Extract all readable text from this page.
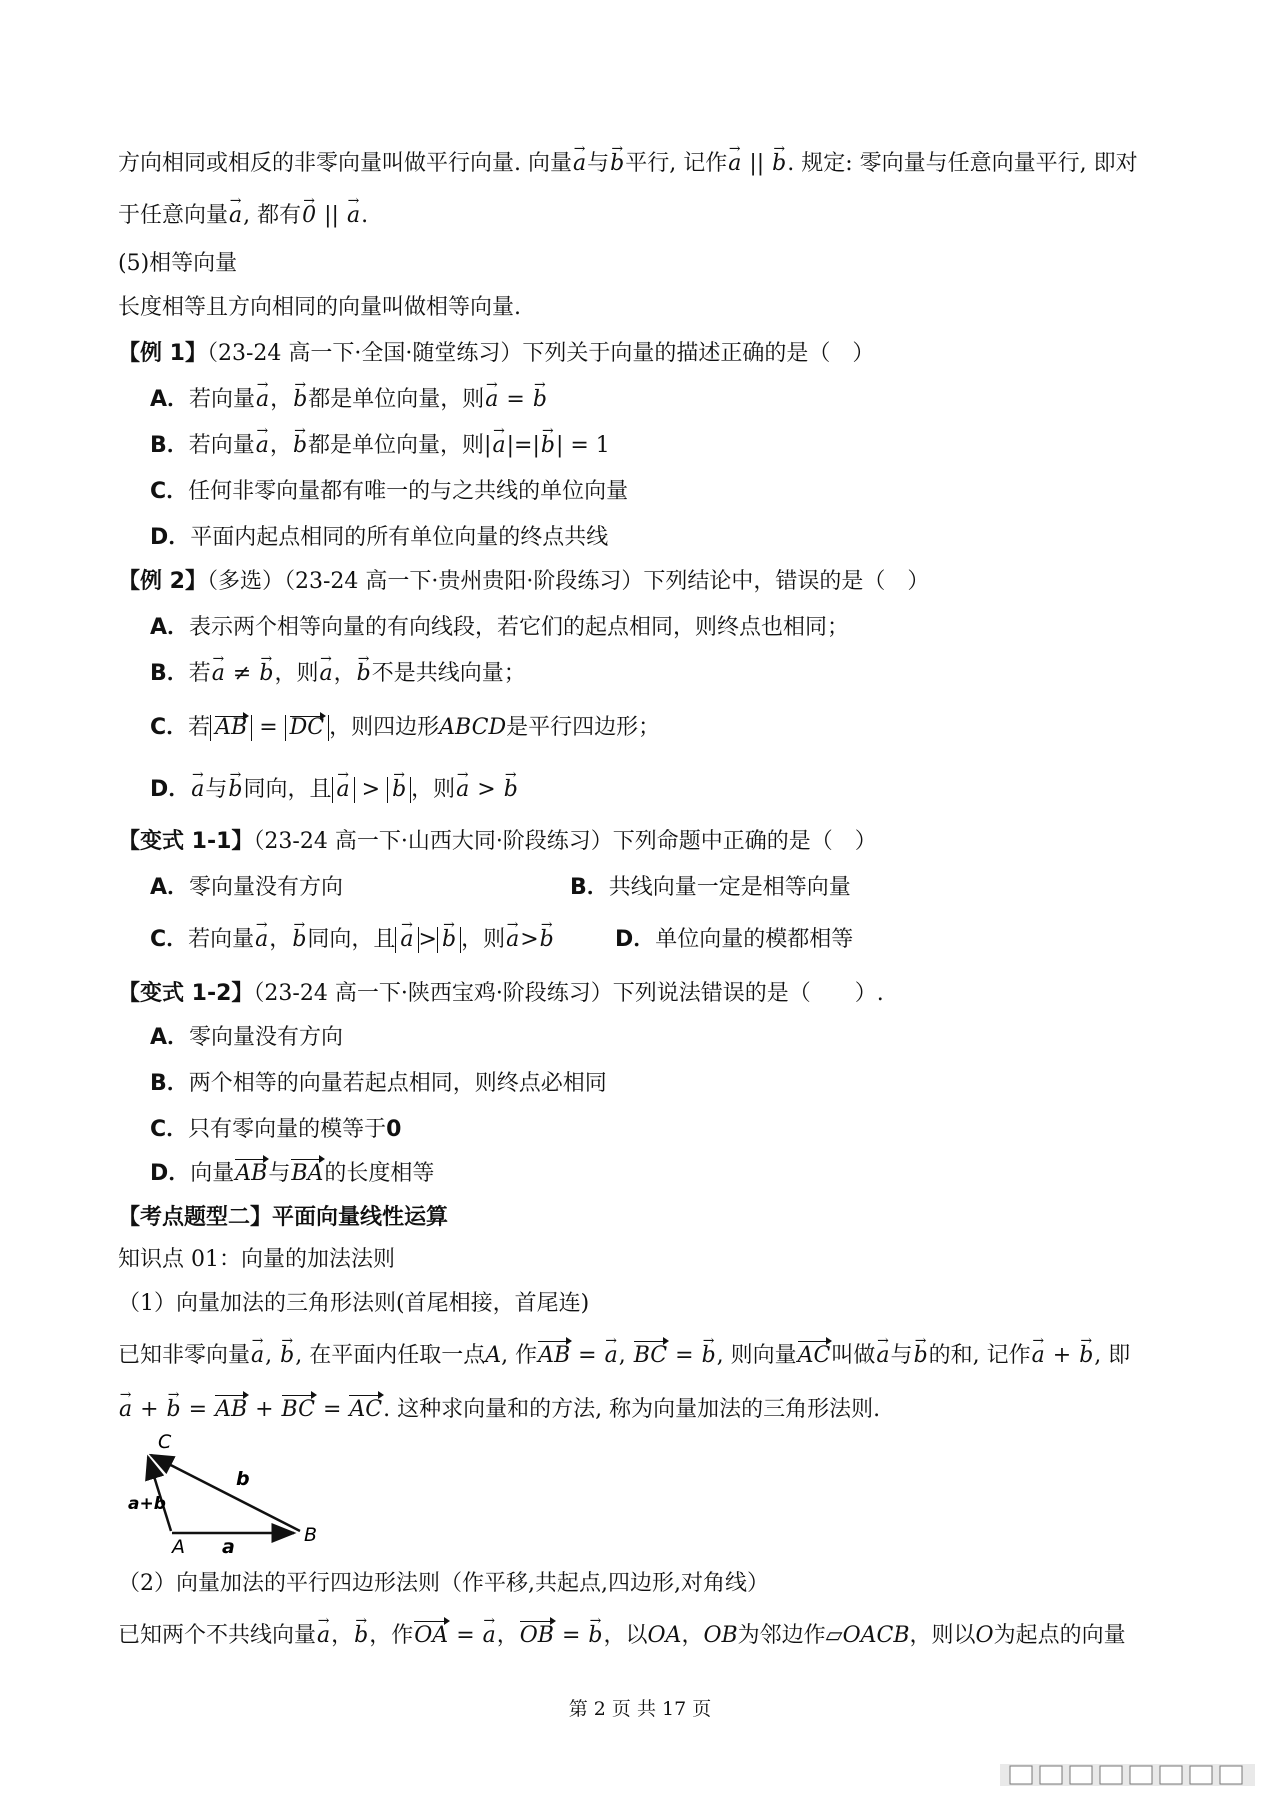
方向相同或相反的非零向量叫做平行向量. 向量→ a与→ b平行, 记作→ a || → b. 规定: 零向量与任意向量平行, 即对
于任意向量→ a, 都有→ 0 || → a.
(5)相等向量
长度相等且方向相同的向量叫做相等向量.
【例 1】（23-24 高一下·全国·随堂练习）下列关于向量的描述正确的是（　）
A．若向量→ a，→ b都是单位向量，则→ a = → b
B．若向量→ a，→ b都是单位向量，则|→ a|=|→ b| = 1
C．任何非零向量都有唯一的与之共线的单位向量
D．平面内起点相同的所有单位向量的终点共线
【例 2】（多选）（23-24 高一下·贵州贵阳·阶段练习）下列结论中，错误的是（　）
A．表示两个相等向量的有向线段，若它们的起点相同，则终点也相同；
B．若→ a ≠ → b，则→ a，→ b不是共线向量；
C．若 AB = DC ，则四边形ABCD是平行四边形；
D．→ a与→ b同向，且 → a > → b ，则→ a > → b
【变式 1-1】（23-24 高一下·山西大同·阶段练习）下列命题中正确的是（　）
A．零向量没有方向	B．共线向量一定是相等向量
C．若向量→ a，→ b同向，且 → a > → b ，则→ a>→ b	D．单位向量的模都相等
【变式 1-2】（23-24 高一下·陕西宝鸡·阶段练习）下列说法错误的是（　　）.
A．零向量没有方向
B．两个相等的向量若起点相同，则终点必相同
C．只有零向量的模等于0
D．向量AB与BA的长度相等
【考点题型二】平面向量线性运算
知识点 01：向量的加法法则
（1）向量加法的三角形法则(首尾相接，首尾连)
已知非零向量→ a, → b, 在平面内任取一点A, 作AB = → a, BC = → b, 则向量AC叫做→ a与→ b的和, 记作→ a + → b, 即
→ a + → b = AB + BC = AC. 这种求向量和的方法, 称为向量加法的三角形法则.
C
b
a+b
B
A a
（2）向量加法的平行四边形法则（作平移,共起点,四边形,对角线）
已知两个不共线向量→ a，→ b，作OA = → a，OB = → b，以OA，OB为邻边作▱OACB，则以O为起点的向量
第 2 页 共 17 页
